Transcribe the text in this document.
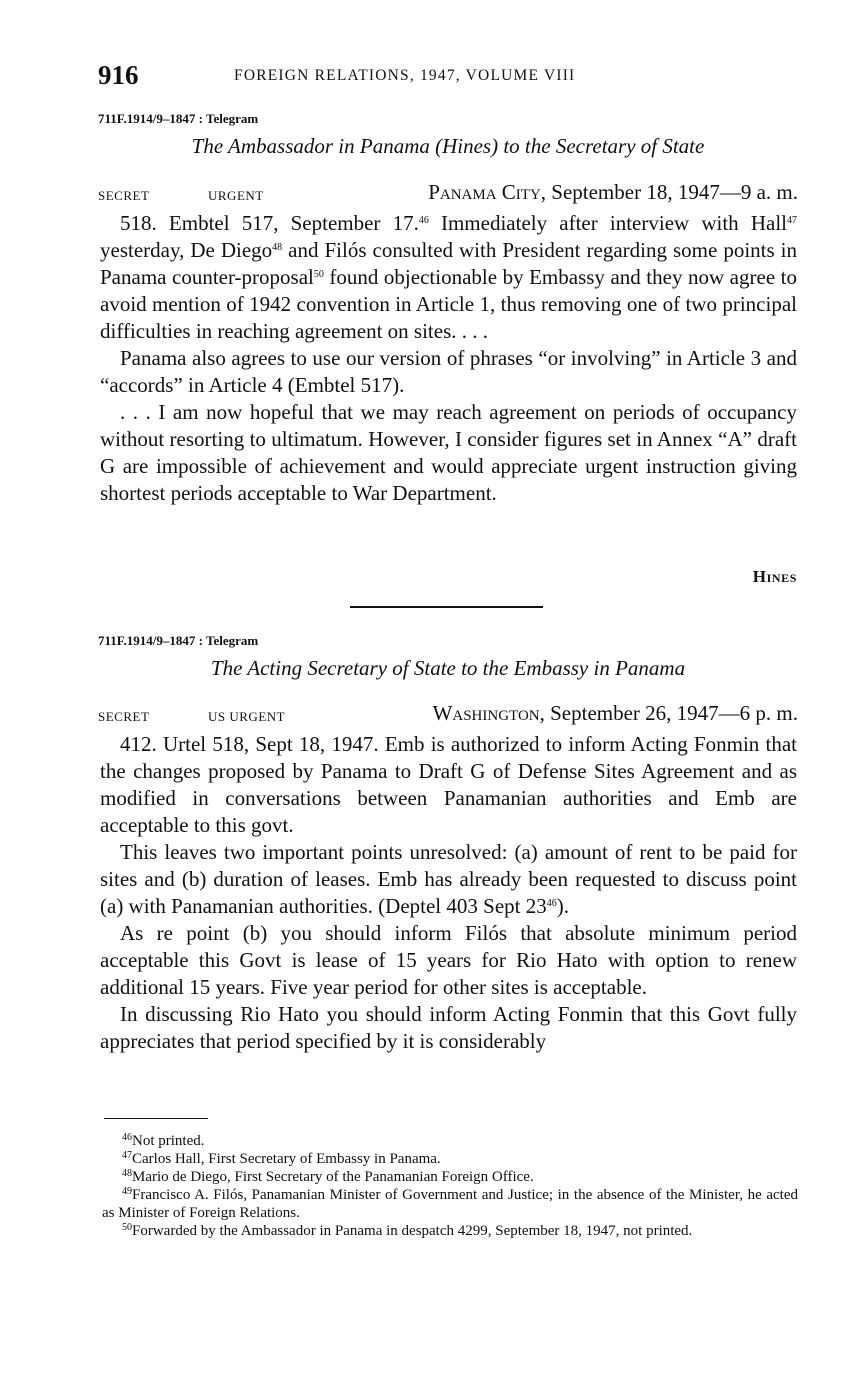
916	FOREIGN RELATIONS, 1947, VOLUME VIII
711F.1914/9–1847 : Telegram
The Ambassador in Panama (Hines) to the Secretary of State
SECRET	URGENT	Panama City, September 18, 1947—9 a. m.

518. Embtel 517, September 17.46 Immediately after interview with Hall$^{47}$ yesterday, De Diego$^{48}$ and Filós consulted with President regarding some points in Panama counter-proposal$^{50}$ found objectionable by Embassy and they now agree to avoid mention of 1942 convention in Article 1, thus removing one of two principal difficulties in reaching agreement on sites. . . .

Panama also agrees to use our version of phrases “or involving” in Article 3 and “accords” in Article 4 (Embtel 517).

. . . I am now hopeful that we may reach agreement on periods of occupancy without resorting to ultimatum. However, I consider figures set in Annex “A” draft G are impossible of achievement and would appreciate urgent instruction giving shortest periods acceptable to War Department.

Hines
711F.1914/9–1847 : Telegram
The Acting Secretary of State to the Embassy in Panama
SECRET	US URGENT	Washington, September 26, 1947—6 p. m.

412. Urtel 518, Sept 18, 1947. Emb is authorized to inform Acting Fonmin that the changes proposed by Panama to Draft G of Defense Sites Agreement and as modified in conversations between Panamanian authorities and Emb are acceptable to this govt.

This leaves two important points unresolved: (a) amount of rent to be paid for sites and (b) duration of leases. Emb has already been requested to discuss point (a) with Panamanian authorities. (Deptel 403 Sept $23^{46}$).

As re point (b) you should inform Filós that absolute minimum period acceptable this Govt is lease of 15 years for Rio Hato with option to renew additional 15 years. Five year period for other sites is acceptable.

In discussing Rio Hato you should inform Acting Fonmin that this Govt fully appreciates that period specified by it is considerably

$^{46}$Not printed.

$^{47}$Carlos Hall, First Secretary of Embassy in Panama.

$^{48}$Mario de Diego, First Secretary of the Panamanian Foreign Office.

$^{49}$Francisco A. Filós, Panamanian Minister of Government and Justice; in the absence of the Minister, he acted as Minister of Foreign Relations.

$^{50}$Forwarded by the Ambassador in Panama in despatch 4299, September 18, 1947, not printed.
